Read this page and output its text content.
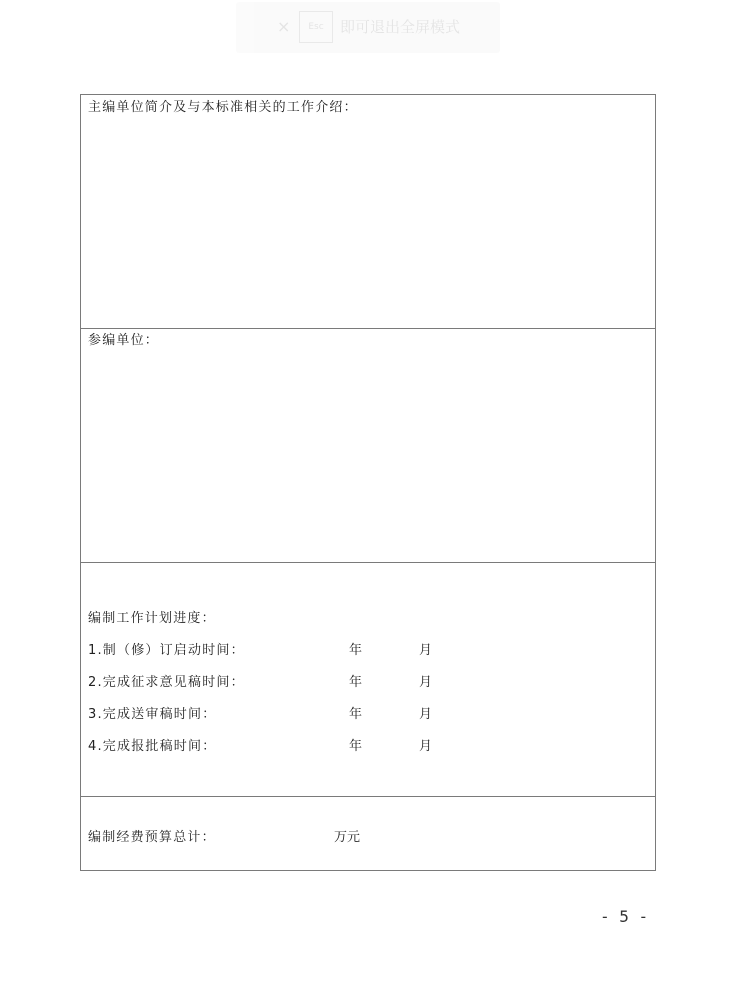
×	Esc	即可退出全屏模式
主编单位简介及与本标准相关的工作介绍：
参编单位：
编制工作计划进度：
1.制（修）订启动时间：	年	月
2.完成征求意见稿时间：	年	月
3.完成送审稿时间：	年	月
4.完成报批稿时间：	年	月
编制经费预算总计：	万元
- 5 -
